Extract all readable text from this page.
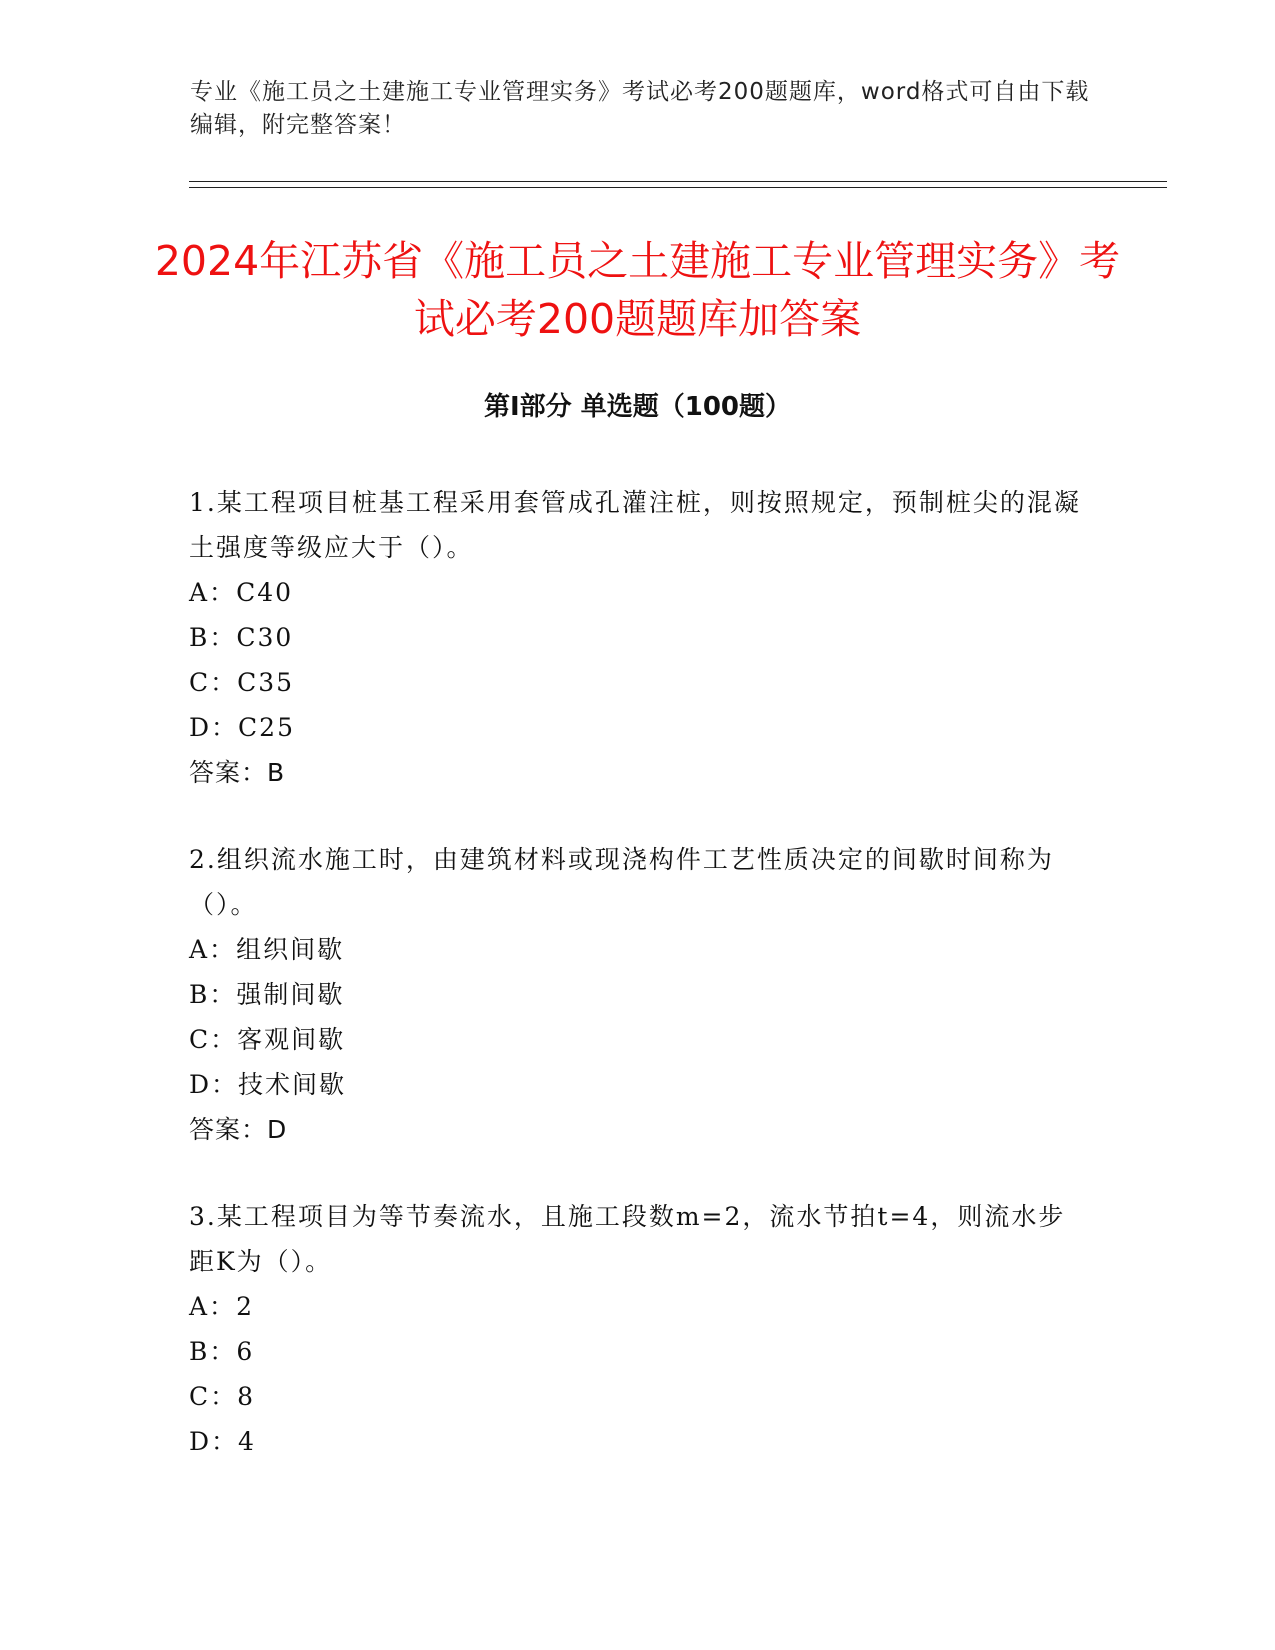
专业《施工员之土建施工专业管理实务》考试必考200题题库，word格式可自由下载编辑，附完整答案！
2024年江苏省《施工员之土建施工专业管理实务》考试必考200题题库加答案
第I部分 单选题（100题）

1.某工程项目桩基工程采用套管成孔灌注桩，则按照规定，预制桩尖的混凝土强度等级应大于（）。

A：C40

B：C30

C：C35

D：C25

答案：B

2.组织流水施工时，由建筑材料或现浇构件工艺性质决定的间歇时间称为（）。

A：组织间歇

B：强制间歇

C：客观间歇

D：技术间歇

答案：D

3.某工程项目为等节奏流水，且施工段数m=2，流水节拍t=4，则流水步距K为（）。

A：2

B：6

C：8

D：4
